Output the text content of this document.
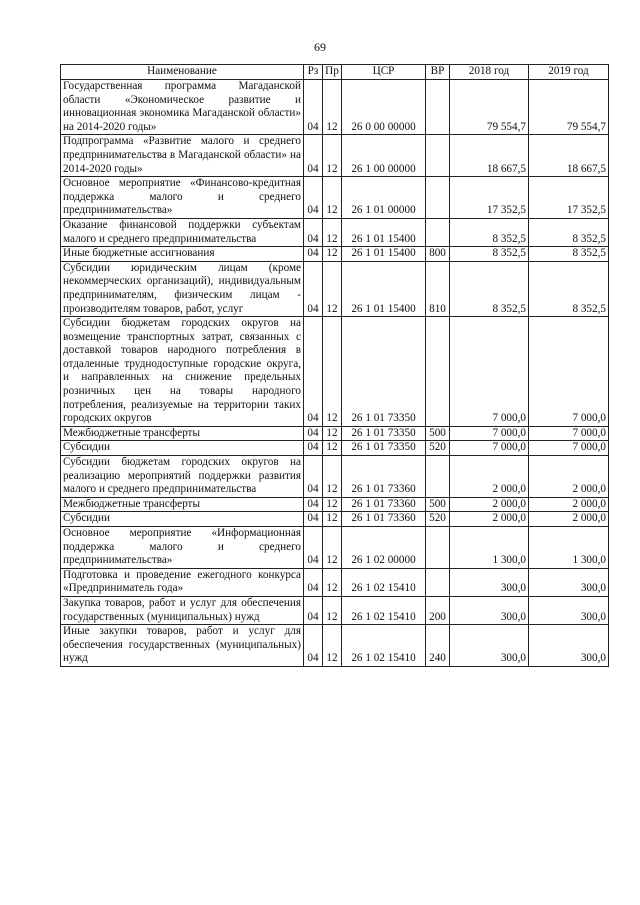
69
Наименование	Рз	Пр	ЦСР	ВР	2018 год	2019 год
Государственная программа Магаданской области «Экономическое развитие и инновационная экономика Магаданской области» на 2014-2020 годы»	04	12	26 0 00 00000		79 554,7	79 554,7
Подпрограмма «Развитие малого и среднего предпринимательства в Магаданской области» на 2014-2020 годы»	04	12	26 1 00 00000		18 667,5	18 667,5
Основное мероприятие «Финансово-кредитная поддержка малого и среднего предпринимательства»	04	12	26 1 01 00000		17 352,5	17 352,5
Оказание финансовой поддержки субъектам малого и среднего предпринимательства	04	12	26 1 01 15400		8 352,5	8 352,5
Иные бюджетные ассигнования	04	12	26 1 01 15400	800	8 352,5	8 352,5
Субсидии юридическим лицам (кроме некоммерческих организаций), индивидуальным предпринимателям, физическим лицам - производителям товаров, работ, услуг	04	12	26 1 01 15400	810	8 352,5	8 352,5
Субсидии бюджетам городских округов на возмещение транспортных затрат, связанных с доставкой товаров народного потребления в отдаленные труднодоступные городские округа, и направленных на снижение предельных розничных цен на товары народного потребления, реализуемые на территории таких городских округов	04	12	26 1 01 73350		7 000,0	7 000,0
Межбюджетные трансферты	04	12	26 1 01 73350	500	7 000,0	7 000,0
Субсидии	04	12	26 1 01 73350	520	7 000,0	7 000,0
Субсидии бюджетам городских округов на реализацию мероприятий поддержки развития малого и среднего предпринимательства	04	12	26 1 01 73360		2 000,0	2 000,0
Межбюджетные трансферты	04	12	26 1 01 73360	500	2 000,0	2 000,0
Субсидии	04	12	26 1 01 73360	520	2 000,0	2 000,0
Основное мероприятие «Информационная поддержка малого и среднего предпринимательства»	04	12	26 1 02 00000		1 300,0	1 300,0
Подготовка и проведение ежегодного конкурса «Предприниматель года»	04	12	26 1 02 15410		300,0	300,0
Закупка товаров, работ и услуг для обеспечения государственных (муниципальных) нужд	04	12	26 1 02 15410	200	300,0	300,0
Иные закупки товаров, работ и услуг для обеспечения государственных (муниципальных) нужд	04	12	26 1 02 15410	240	300,0	300,0
